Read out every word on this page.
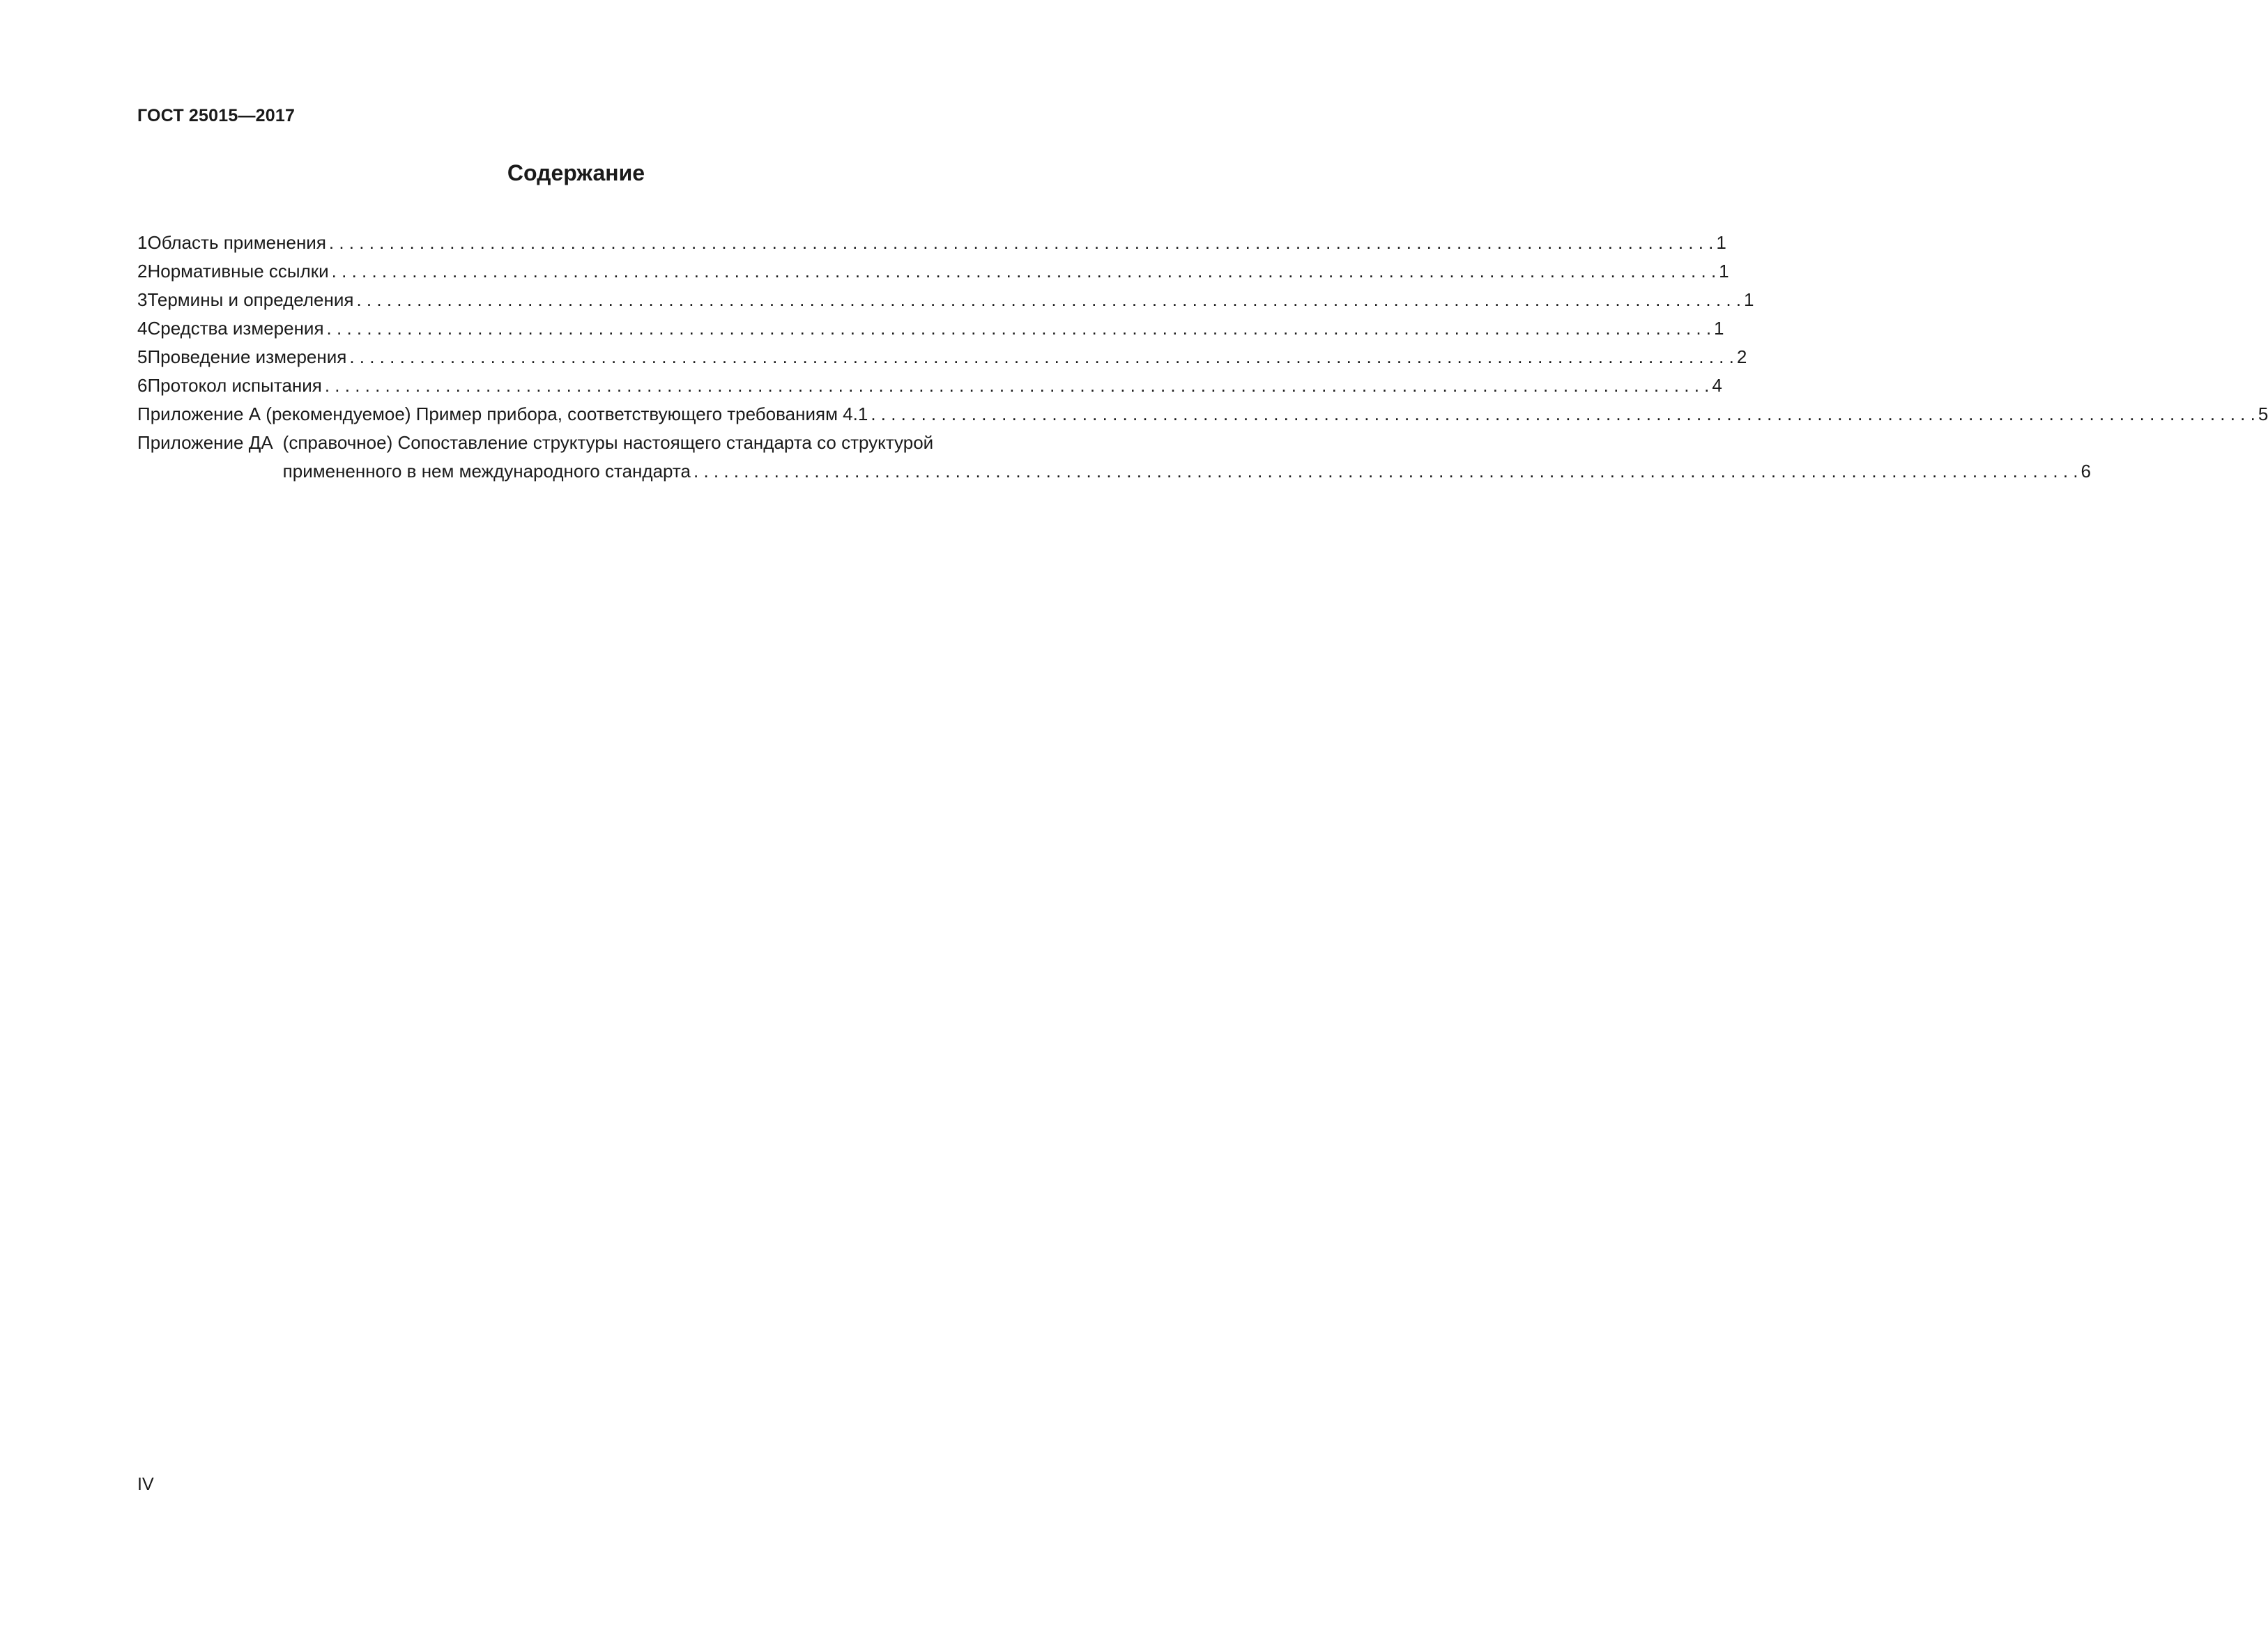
ГОСТ 25015—2017
Содержание
1 Область применения . . .	1
2 Нормативные ссылки . . .	1
3 Термины и определения . . .	1
4 Средства измерения . . .	1
5 Проведение измерения . . .	2
6 Протокол испытания . . .	4
Приложение А (рекомендуемое) Пример прибора, соответствующего требованиям 4.1 . . .	5
Приложение ДА (справочное) Сопоставление структуры настоящего стандарта со структурой
примененного в нем международного стандарта . . .	6
IV
